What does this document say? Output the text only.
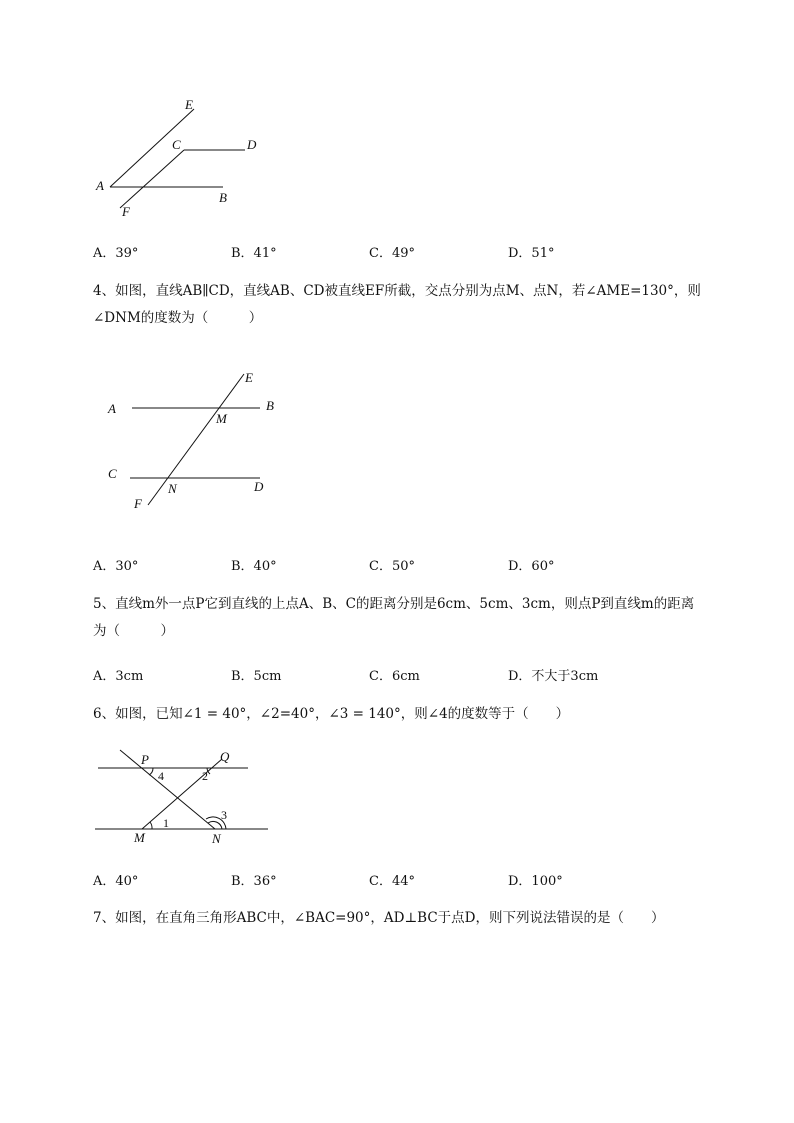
E
C	D
A
B
F
A．39°	B．41°	C．49°	D．51°
4、如图，直线AB∥CD，直线AB、CD被直线EF所截，交点分别为点M、点N，若∠AME=130°，则
∠DNM的度数为（　　　）
E
A	B
M
C
N	D
F
A．30°	B．40°	C．50°	D．60°
5、直线m外一点P它到直线的上点A、B、C的距离分别是6cm、5cm、3cm，则点P到直线m的距离
为（　　　）
A．3cm	B．5cm	C．6cm	D．不大于3cm
6、如图，已知∠1 = 40°，∠2=40°，∠3 = 140°，则∠4的度数等于（　　）
P	Q
4	2
M
1
N
3
A．40°	B．36°	C．44°	D．100°
7、如图，在直角三角形ABC中，∠BAC=90°，AD⊥BC于点D，则下列说法错误的是（　　）
